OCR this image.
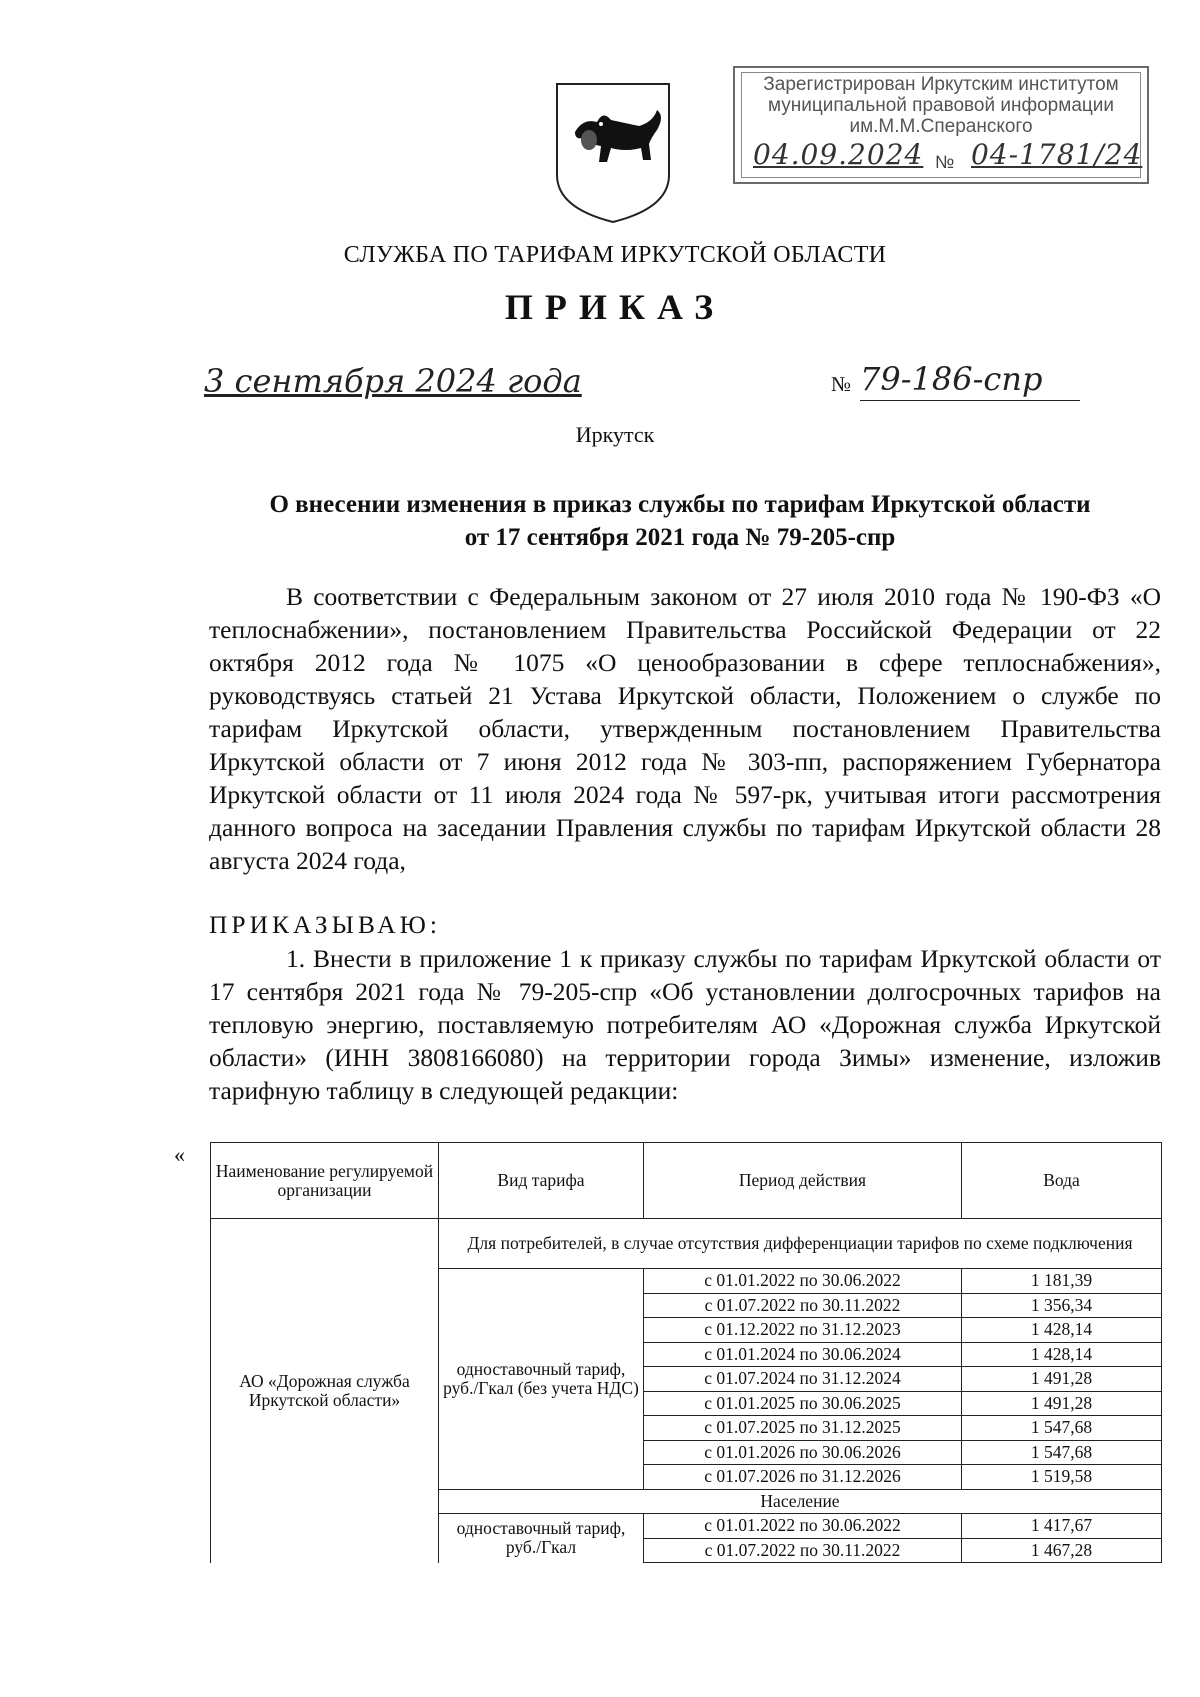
Зарегистрирован Иркутским институтом
муниципальной правовой информации
им.М.М.Сперанского
04.09.2024 № 04-1781/24
СЛУЖБА ПО ТАРИФАМ ИРКУТСКОЙ ОБЛАСТИ
ПРИКАЗ
3 сентября 2024 года	№ 79-186-спр
Иркутск
О внесении изменения в приказ службы по тарифам Иркутской области
от 17 сентября 2021 года № 79-205-спр
В соответствии с Федеральным законом от 27 июля 2010 года № 190-ФЗ «О теплоснабжении», постановлением Правительства Российской Федерации от 22 октября 2012 года № 1075 «О ценообразовании в сфере теплоснабжения», руководствуясь статьей 21 Устава Иркутской области, Положением о службе по тарифам Иркутской области, утвержденным постановлением Правительства Иркутской области от 7 июня 2012 года № 303-пп, распоряжением Губернатора Иркутской области от 11 июля 2024 года № 597-рк, учитывая итоги рассмотрения данного вопроса на заседании Правления службы по тарифам Иркутской области 28 августа 2024 года,
ПРИКАЗЫВАЮ:
1. Внести в приложение 1 к приказу службы по тарифам Иркутской области от 17 сентября 2021 года № 79-205-спр «Об установлении долгосрочных тарифов на тепловую энергию, поставляемую потребителям АО «Дорожная служба Иркутской области» (ИНН 3808166080) на территории города Зимы» изменение, изложив тарифную таблицу в следующей редакции:
«
Наименование регулируемой организации	Вид тарифа	Период действия	Вода
АО «Дорожная служба Иркутской области»	Для потребителей, в случае отсутствия дифференциации тарифов по схеме подключения		
	одноставочный тариф, руб./Гкал (без учета НДС)	с 01.01.2022 по 30.06.2022	1 181,39
		с 01.07.2022 по 30.11.2022	1 356,34
		с 01.12.2022 по 31.12.2023	1 428,14
		с 01.01.2024 по 30.06.2024	1 428,14
		с 01.07.2024 по 31.12.2024	1 491,28
		с 01.01.2025 по 30.06.2025	1 491,28
		с 01.07.2025 по 31.12.2025	1 547,68
		с 01.01.2026 по 30.06.2026	1 547,68
		с 01.07.2026 по 31.12.2026	1 519,58
	Население		
	одноставочный тариф, руб./Гкал	с 01.01.2022 по 30.06.2022	1 417,67
		с 01.07.2022 по 30.11.2022	1 467,28
